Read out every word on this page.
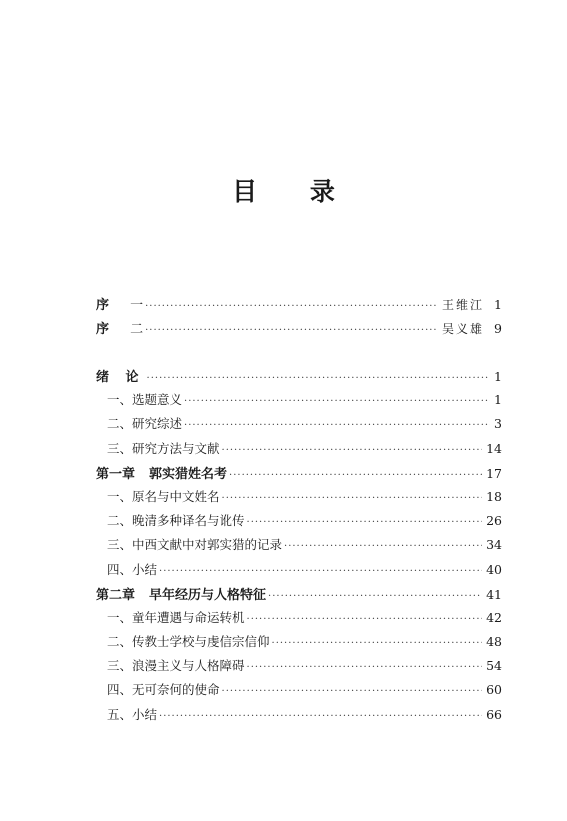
目 录
序 一 ·····	王维江 1
序 二 ·····	吴义雄 9
绪 论 ·····	1
一、选题意义 ·····	1
二、研究综述 ·····	3
三、研究方法与文献 ·····	14
第一章 郭实猎姓名考 ·····	17
一、原名与中文姓名 ·····	18
二、晚清多种译名与讹传 ·····	26
三、中西文献中对郭实猎的记录 ·····	34
四、小结 ·····	40
第二章 早年经历与人格特征 ·····	41
一、童年遭遇与命运转机 ·····	42
二、传教士学校与虔信宗信仰 ·····	48
三、浪漫主义与人格障碍 ·····	54
四、无可奈何的使命 ·····	60
五、小结 ·····	66
